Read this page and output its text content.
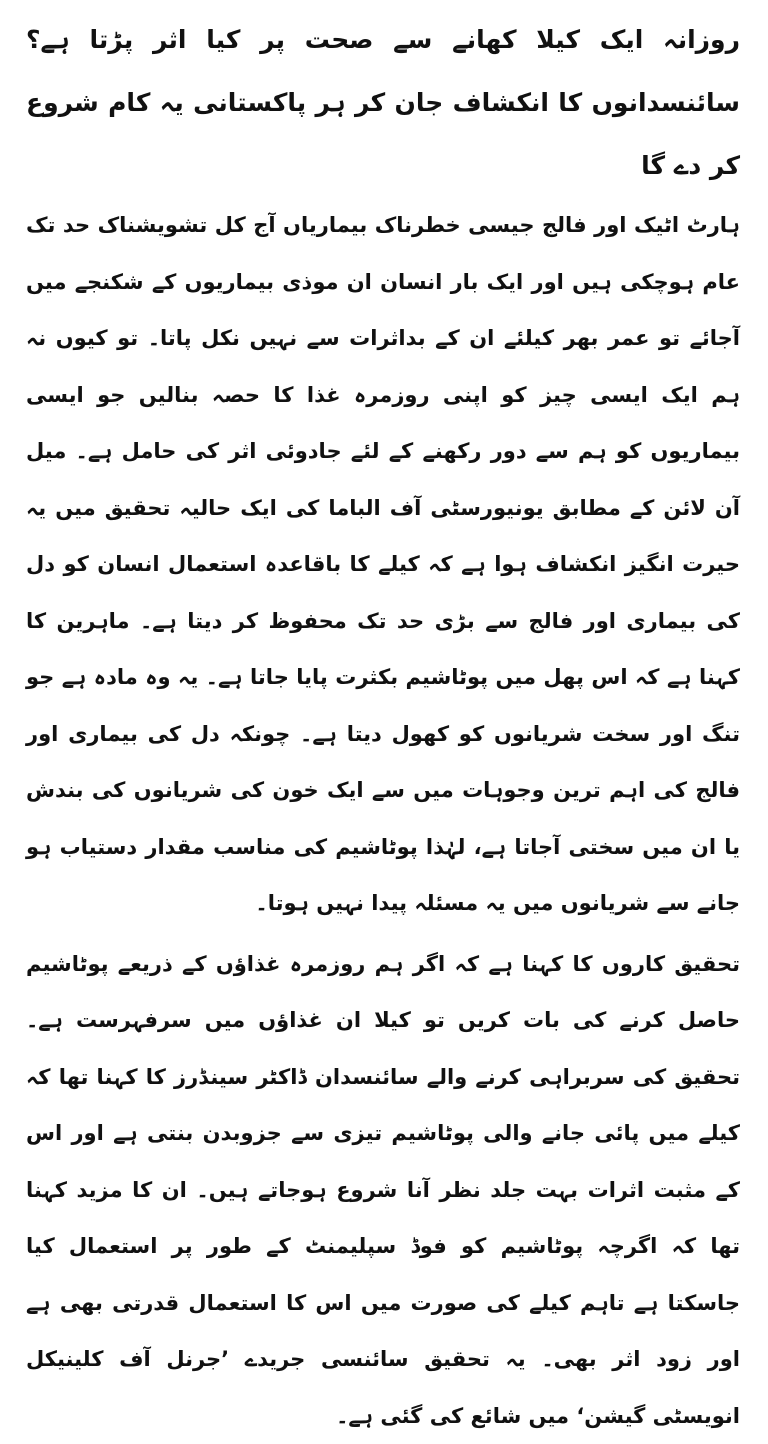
روزانہ ایک کیلا کھانے سے صحت پر کیا اثر پڑتا ہے؟ سائنسدانوں کا انکشاف جان کر ہر پاکستانی یہ کام شروع کر دے گا

ہارٹ اٹیک اور فالج جیسی خطرناک بیماریاں آج کل تشویشناک حد تک عام ہوچکی ہیں اور ایک بار انسان ان موذی بیماریوں کے شکنجے میں آجائے تو عمر بھر کیلئے ان کے بداثرات سے نہیں نکل پاتا۔ تو کیوں نہ ہم ایک ایسی چیز کو اپنی روزمرہ غذا کا حصہ بنالیں جو ایسی بیماریوں کو ہم سے دور رکھنے کے لئے جادوئی اثر کی حامل ہے۔ میل آن لائن کے مطابق یونیورسٹی آف الباما کی ایک حالیہ تحقیق میں یہ حیرت انگیز انکشاف ہوا ہے کہ کیلے کا باقاعدہ استعمال انسان کو دل کی بیماری اور فالج سے بڑی حد تک محفوظ کر دیتا ہے۔ ماہرین کا کہنا ہے کہ اس پھل میں پوٹاشیم بکثرت پایا جاتا ہے۔ یہ وہ مادہ ہے جو تنگ اور سخت شریانوں کو کھول دیتا ہے۔ چونکہ دل کی بیماری اور فالج کی اہم ترین وجوہات میں سے ایک خون کی شریانوں کی بندش یا ان میں سختی آجاتا ہے، لہٰذا پوٹاشیم کی مناسب مقدار دستیاب ہو جانے سے شریانوں میں یہ مسئلہ پیدا نہیں ہوتا۔

تحقیق کاروں کا کہنا ہے کہ اگر ہم روزمرہ غذاؤں کے ذریعے پوٹاشیم حاصل کرنے کی بات کریں تو کیلا ان غذاؤں میں سرفہرست ہے۔ تحقیق کی سربراہی کرنے والے سائنسدان ڈاکٹر سینڈرز کا کہنا تھا کہ کیلے میں پائی جانے والی پوٹاشیم تیزی سے جزوبدن بنتی ہے اور اس کے مثبت اثرات بہت جلد نظر آنا شروع ہوجاتے ہیں۔ ان کا مزید کہنا تھا کہ اگرچہ پوٹاشیم کو فوڈ سپلیمنٹ کے طور پر استعمال کیا جاسکتا ہے تاہم کیلے کی صورت میں اس کا استعمال قدرتی بھی ہے اور زود اثر بھی۔ یہ تحقیق سائنسی جریدے ’جرنل آف کلینیکل انویسٹی گیشن‘ میں شائع کی گئی ہے۔
